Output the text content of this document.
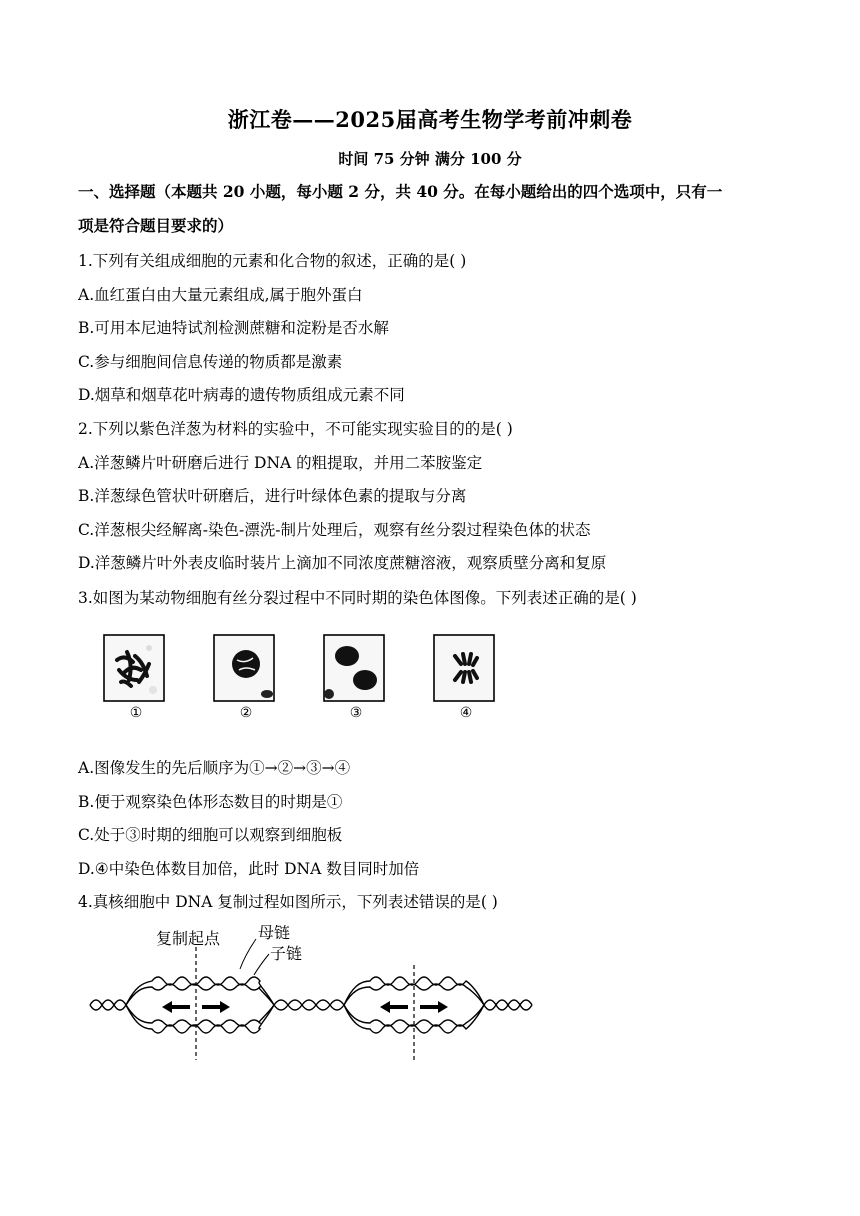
浙江卷——2025届高考生物学考前冲刺卷
时间 75 分钟 满分 100 分
一、选择题（本题共 20 小题，每小题 2 分，共 40 分。在每小题给出的四个选项中，只有一
项是符合题目要求的）
1.下列有关组成细胞的元素和化合物的叙述，正确的是( )
A.血红蛋白由大量元素组成,属于胞外蛋白
B.可用本尼迪特试剂检测蔗糖和淀粉是否水解
C.参与细胞间信息传递的物质都是激素
D.烟草和烟草花叶病毒的遗传物质组成元素不同
2.下列以紫色洋葱为材料的实验中，不可能实现实验目的的是( )
A.洋葱鳞片叶研磨后进行 DNA 的粗提取，并用二苯胺鉴定
B.洋葱绿色管状叶研磨后，进行叶绿体色素的提取与分离
C.洋葱根尖经解离-染色-漂洗-制片处理后，观察有丝分裂过程染色体的状态
D.洋葱鳞片叶外表皮临时装片上滴加不同浓度蔗糖溶液，观察质壁分离和复原
3.如图为某动物细胞有丝分裂过程中不同时期的染色体图像。下列表述正确的是( )
①	②	③	④
A.图像发生的先后顺序为①→②→③→④
B.便于观察染色体形态数目的时期是①
C.处于③时期的细胞可以观察到细胞板
D.④中染色体数目加倍，此时 DNA 数目同时加倍
4.真核细胞中 DNA 复制过程如图所示，下列表述错误的是( )
复制起点 母链
子链
